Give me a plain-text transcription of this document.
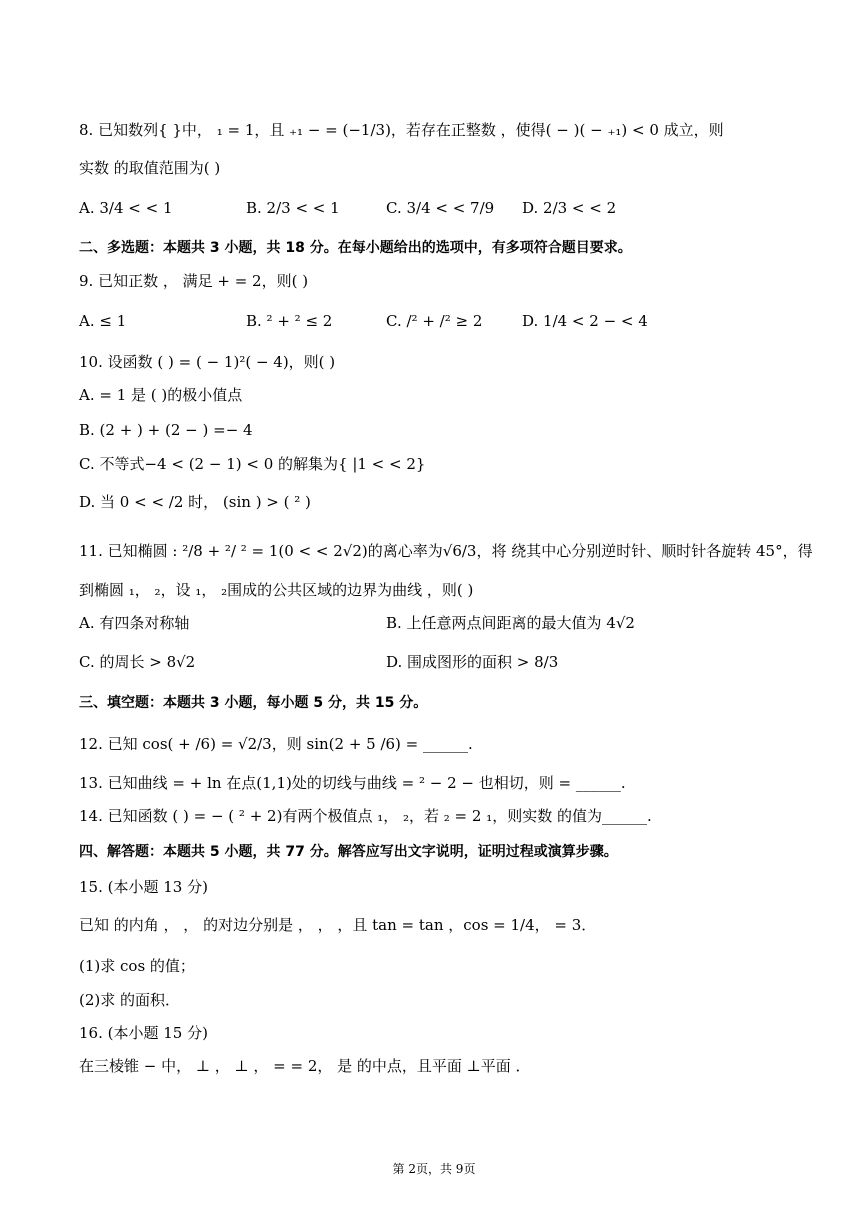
8. 已知数列{ }中， ₁ = 1，且 ₊₁ − = (−1/3)，若存在正整数 ，使得( − )( − ₊₁) < 0 成立，则
实数 的取值范围为( )
A. 3/4 < < 1	B. 2/3 < < 1	C. 3/4 < < 7/9 D. 2/3 < < 2
二、多选题：本题共 3 小题，共 18 分。在每小题给出的选项中，有多项符合题目要求。
9. 已知正数 ， 满足 + = 2，则( )
A. ≤ 1	B. ² + ² ≤ 2	C. /² + /² ≥ 2	D. 1/4 < 2 − < 4
10. 设函数 ( ) = ( − 1)²( − 4)，则( )
A. = 1 是 ( )的极小值点
B. (2 + ) + (2 − ) =− 4
C. 不等式−4 < (2 − 1) < 0 的解集为{ |1 < < 2}
D. 当 0 < < /2 时， (sin ) > ( ² )
11. 已知椭圆 : ²/8 + ²/ ² = 1(0 < < 2√2)的离心率为√6/3，将 绕其中心分别逆时针、顺时针各旋转 45°，得
到椭圆 ₁， ₂，设 ₁， ₂围成的公共区域的边界为曲线 ，则( )
A. 有四条对称轴	B. 上任意两点间距离的最大值为 4√2
C. 的周长 > 8√2	D. 围成图形的面积 > 8/3
三、填空题：本题共 3 小题，每小题 5 分，共 15 分。
12. 已知 cos( + /6) = √2/3，则 sin(2 + 5 /6) = ______.
13. 已知曲线 = + ln 在点(1,1)处的切线与曲线 = ² − 2 − 也相切，则 = ______.
14. 已知函数 ( ) = − ( ² + 2)有两个极值点 ₁， ₂，若 ₂ = 2 ₁，则实数 的值为______.
四、解答题：本题共 5 小题，共 77 分。解答应写出文字说明，证明过程或演算步骤。
15. (本小题 13 分)
已知 的内角 ， ， 的对边分别是 ， ， ，且 tan = tan ，cos = 1/4， = 3．
(1)求 cos 的值；
(2)求 的面积．
16. (本小题 15 分)
在三棱锥 − 中， ⊥ ， ⊥ ， = = 2， 是 的中点，且平面 ⊥平面 ．
第 2页，共 9页
